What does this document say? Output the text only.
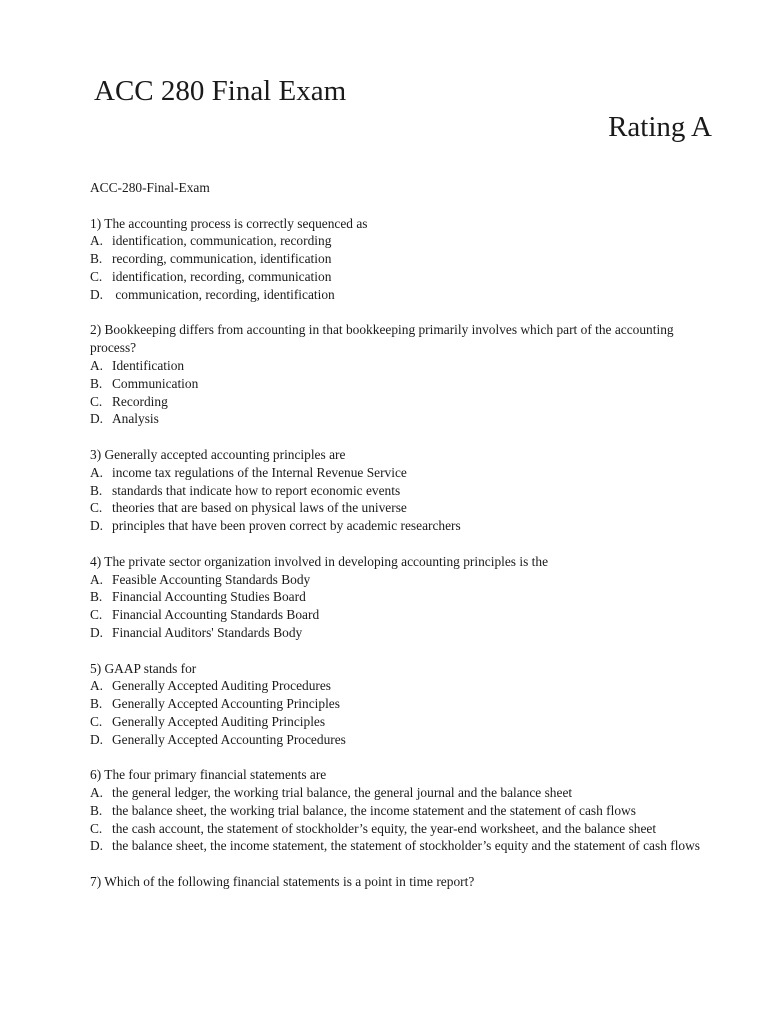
ACC 280 Final Exam
Rating A

ACC-280-Final-Exam

1) The accounting process is correctly sequenced as

A. identification, communication, recording

B. recording, communication, identification

C. identification, recording, communication

D. communication, recording, identification

2) Bookkeeping differs from accounting in that bookkeeping primarily involves which part of the accounting process?

A. Identification

B. Communication

C. Recording

D. Analysis

3) Generally accepted accounting principles are

A. income tax regulations of the Internal Revenue Service

B. standards that indicate how to report economic events

C. theories that are based on physical laws of the universe

D. principles that have been proven correct by academic researchers

4) The private sector organization involved in developing accounting principles is the

A. Feasible Accounting Standards Body

B. Financial Accounting Studies Board

C. Financial Accounting Standards Board

D. Financial Auditors' Standards Body

5) GAAP stands for

A. Generally Accepted Auditing Procedures

B. Generally Accepted Accounting Principles

C. Generally Accepted Auditing Principles

D. Generally Accepted Accounting Procedures

6) The four primary financial statements are

A. the general ledger, the working trial balance, the general journal and the balance sheet

B. the balance sheet, the working trial balance, the income statement and the statement of cash flows

C. the cash account, the statement of stockholder’s equity, the year-end worksheet, and the balance sheet

D. the balance sheet, the income statement, the statement of stockholder’s equity and the statement of cash flows

7) Which of the following financial statements is a point in time report?
